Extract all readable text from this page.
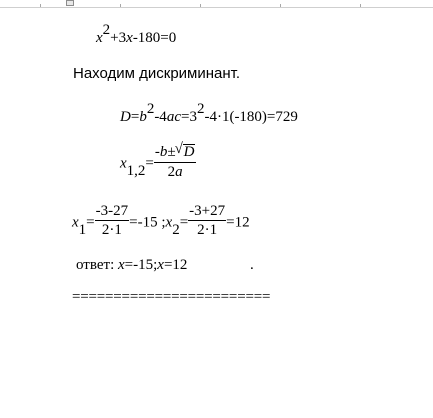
x2+3x-180=0
Находим дискриминант.
D=b2-4ac=32-4·1(-180)=729
$x1,2= \frac{-b\pm √ D}{2a}$
$x1= \frac{-3-27}{2\cdot 1} =-15$ ;x2= $\frac{-3+27}{2\cdot 1} =12$
ответ: x=-15;x=12	.
========================
